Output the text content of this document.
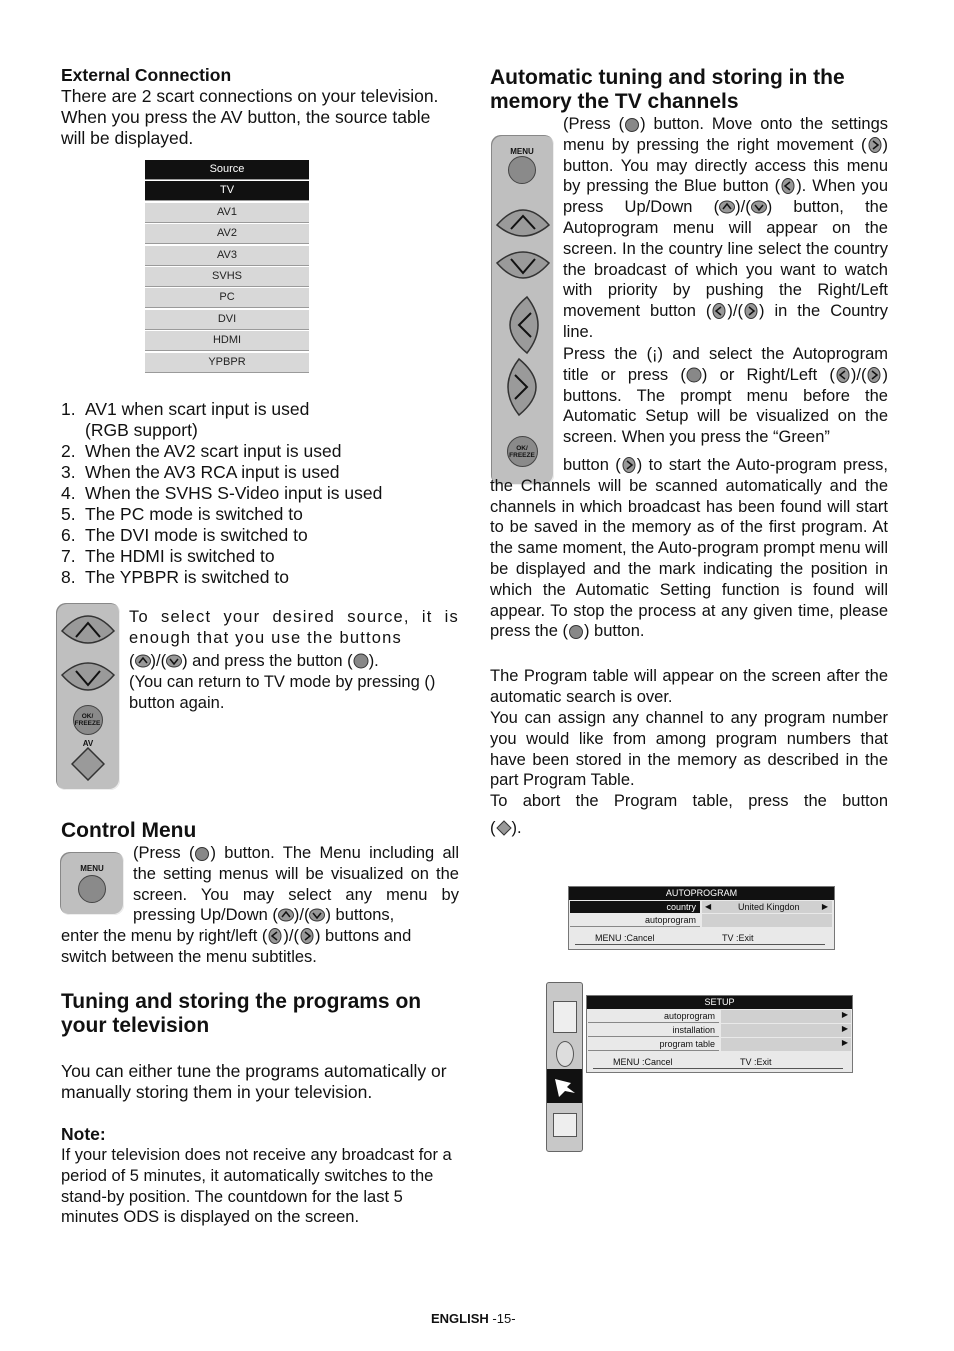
External Connection

There are 2 scart connections on your television. When you press the AV button, the source table will be displayed.

Source
TV
AV1
AV2
AV3
SVHS
PC
DVI
HDMI
YPBPR
1. AV1 when scart input is used
(RGB support)
2. When the AV2 scart input is used
3. When the AV3 RCA input is used
4. When the SVHS S-Video input is used
5. The PC mode is switched to
6. The DVI mode is switched to
7. The HDMI is switched to
8. The YPBPR is switched to
OK/ FREEZE
AV
To select your desired source, it is enough that you use the buttons
( )/( ) and press the button ( ).
(You can return to TV mode by pressing () button again.
Control Menu
MENU
(Press ( ) button. The Menu including all the setting menus will be visualized on the screen. You may select any menu by pressing Up/Down ( )/( ) buttons,
enter the menu by right/left ( )/( ) buttons and switch between the menu subtitles.
Tuning and storing the programs on your television

You can either tune the programs automatically or manually storing them in your television.

Note:

If your television does not receive any broadcast for a period of 5 minutes, it automatically switches to the stand-by position. The countdown for the last 5 minutes ODS is displayed on the screen.

Automatic tuning and storing in the memory the TV channels
MENU
OK/ FREEZE
(Press ( ) button. Move onto the settings menu by pressing the right movement ( ) button. You may directly access this menu by pressing the Blue button ( ). When you press Up/Down ( )/( ) button, the Autoprogram menu will appear on the screen. In the country line select the country the broadcast of which you want to watch with priority by pushing the Right/Left movement button ( )/( ) in the Country line.
Press the (¡) and select the Autoprogram title or press ( ) or Right/Left ( )/( ) buttons. The prompt menu before the Automatic Setup will be visualized on the screen. When you press the “Green”
button ( ) to start the Auto-program press, the Channels will be scanned automatically and the channels in which broadcast has been found will start to be saved in the memory as of the first program. At the same moment, the Auto-program prompt menu will be displayed and the mark indicating the position in which the Automatic Setting function is found will appear. To stop the process at any given time, please press the ( ) button.

The Program table will appear on the screen after the automatic search is over.

You can assign any channel to any program number you would like from among program numbers that have been stored in the memory as described in the part Program Table.

To abort the Program table, press the button

( ).
AUTOPROGRAM
country	◀	United Kingdon	▶
autoprogram
MENU :Cancel	TV :Exit
SETUP
autoprogram
installation
program table
▶
▶
▶
MENU :Cancel	TV :Exit
ENGLISH -15-
